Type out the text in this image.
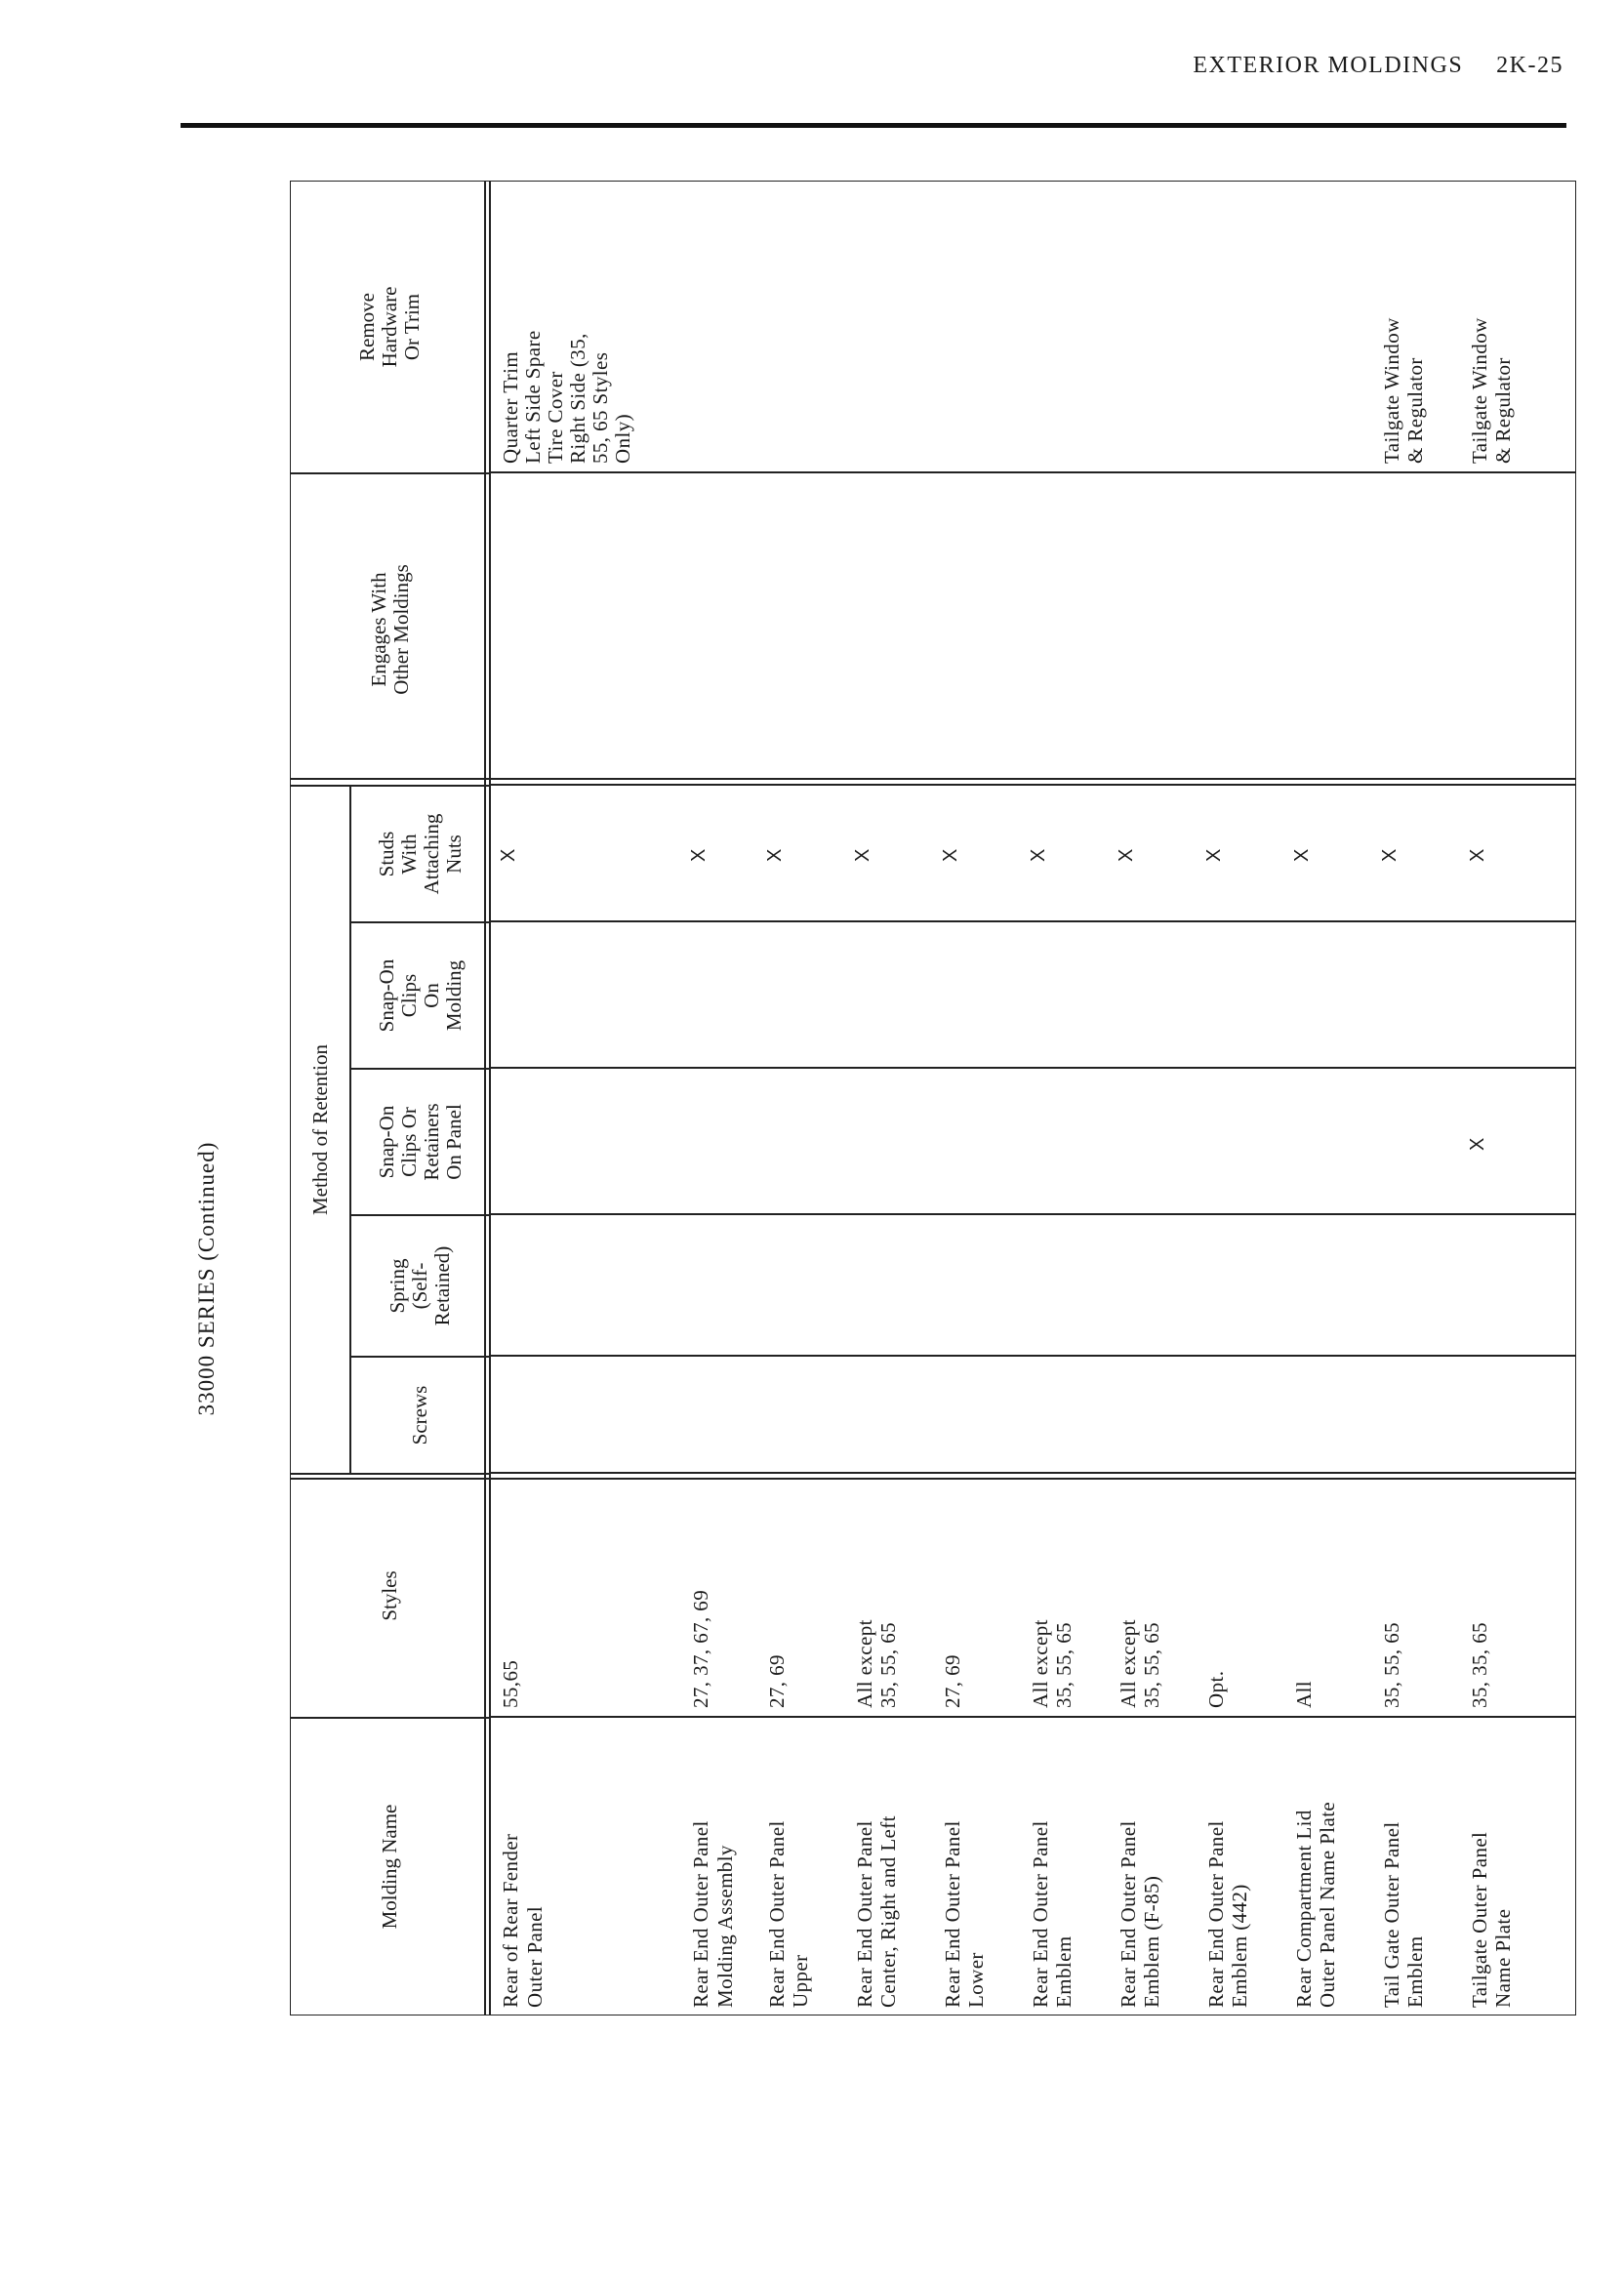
EXTERIOR MOLDINGS 2K-25
33000 SERIES (Continued)
Molding Name
Styles
Method of Retention
Screws
Spring (Self- Retained)
Snap-On Clips Or Retainers On Panel
Snap-On Clips On Molding
Studs With Attaching Nuts
Engages With Other Moldings
Remove Hardware Or Trim
Rear of Rear Fender Outer Panel
55,65
X
Quarter Trim Left Side Spare Tire Cover Right Side (35, 55, 65 Styles Only)
Rear End Outer Panel Molding Assembly
27, 37, 67, 69
X
Rear End Outer Panel Upper
27, 69
X
Rear End Outer Panel Center, Right and Left
All except 35, 55, 65
X
Rear End Outer Panel Lower
27, 69
X
Rear End Outer Panel Emblem
All except 35, 55, 65
X
Rear End Outer Panel Emblem (F-85)
All except 35, 55, 65
X
Rear End Outer Panel Emblem (442)
Opt.
X
Rear Compartment Lid Outer Panel Name Plate
All
X
Tail Gate Outer Panel Emblem
35, 55, 65
X
Tailgate Window & Regulator
Tailgate Outer Panel Name Plate
35, 35, 65
X
X
Tailgate Window & Regulator
